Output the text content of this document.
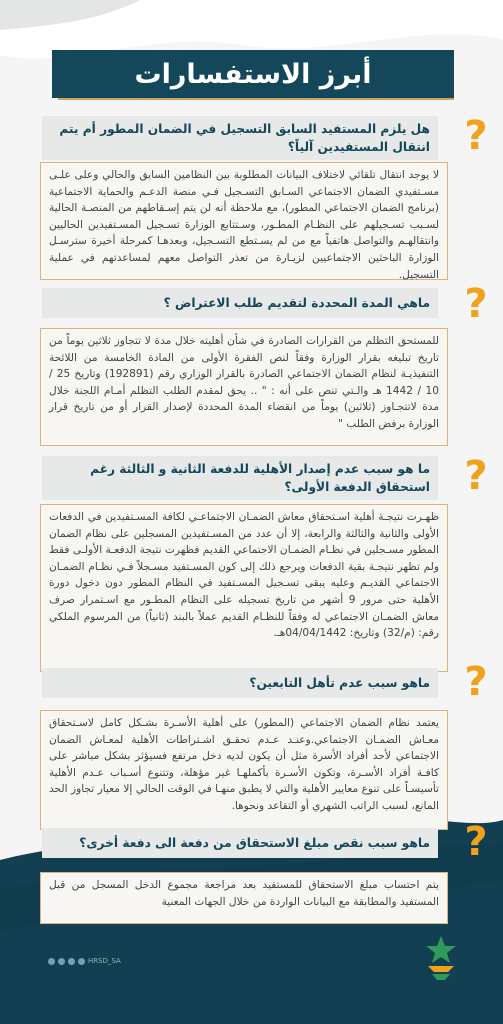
أبرز الاستفسارات
هل يلزم المستفيد السابق التسجيل في الضمان المطور أم يتم انتقال المستفيدين آلياً؟ ?
لا يوجد انتقال تلقائي لاختلاف البيانات المطلوبة بين النظامين السابق والحالي وعلى علـى مسـتفيدي الضمان الاجتماعي السـابق التسـجيل فـي منصة الدعـم والحماية الاجتماعية (برنامج الضمان الاجتماعي المطور)، مع ملاحظة أنه لن يتم إسـقاطهم من المنصـة الحالية لسـبب تسـجيلهم على النظـام المطـور، وسـتتابع الوزارة تسـجيل المسـتفيدين الحاليين وانتقالهـم والتواصل هاتفياً مع من لم يسـتطع التسـجيل، وبعدهـا كمرحلة أخيرة سترسـل الوزارة الباحثين الاجتماعيين لزيـارة من تعذر التواصل معهم لمساعدتهم في عملية التسجيل.
ماهي المدة المحددة لتقديم طلب الاعتراض ؟ ?
للمستحق التظلم من القرارات الصادرة في شأن أهليته خلال مدة لا تتجاوز ثلاثين يوماً من تاريخ تبليغه بقرار الوزارة وفقاً لنص الفقرة الأولى من المادة الخامسة من اللائحة التنفيذيـة لنظام الضمان الاجتماعي الصادرة بالقرار الوزاري رقم (192891) وتاريخ 25 / 10 / 1442 هـ والـتي تنص على أنه : " .. يحق لمقدم الطلب التظلم أمـام اللجنة خلال مدة لاتتجـاوز (ثلاثين) يوماً من انقضاء المدة المحددة لإصدار القرار أو من تاريخ قرار الوزارة برفض الطلب "
ما هو سبب عدم إصدار الأهلية للدفعة الثانية و الثالثة رغم استحقاق الدفعة الأولى؟ ?
ظهـرت نتيجـة أهلية اسـتحقاق معاش الضمـان الاجتماعـي لكافة المسـتفيدين في الدفعات الأولى والثانية والثالثة والرابعة، إلا أن عدد من المسـتفيدين المسجلين على نظام الضمان المطور مسـجلين في نظـام الضمـان الاجتماعي القديم فظهرت نتيجة الدفعـة الأولـى فقط ولم تظهر نتيجـة بقية الدفعات ويرجع ذلك إلى كون المسـتفيد مسـجلاً فـي نظـام الضمـان الاجتماعي القديـم وعليه يبقى تسـجيل المسـتفيد في النظام المطور دون دخول دورة الأهلية حتى مرور 9 أشهر من تاريخ تسجيله على النظام المطـور مع اسـتمرار صرف معاش الضمـان الاجتماعي له وفقاً للنظـام القديم عملاً بالبند (ثانياً) من المرسوم الملكي رقم: (م/32) وتاريخ: 04/04/1442هـ.
ماهو سبب عدم تأهل التابعين؟ ?
يعتمد نظام الضمان الاجتماعي (المطور) على أهلية الأسـرة بشـكل كامل لاسـتحقاق معـاش الضمـان الاجتماعي.وعنـد عـدم تحقـق اشـتراطات الأهلية لمعـاش الضمان الاجتماعي لأحد أفراد الأسرة مثل أن يكون لديه دخل مرتفع فسيؤثر بشكل مباشر على كافـة أفراد الأسـرة، وتكون الأسـرة بأكملهـا غير مؤهلة، وتتنوع أسـباب عـدم الأهلية تأسيسـاً على تنوع معايير الأهلية والتي لا يطبق منهـا في الوقت الحالي إلا معيار تجاوز الحد المانع، لسبب الراتب الشهري أو التقاعد ونحوها.
ماهو سبب نقص مبلغ الاستحقاق من دفعة الى دفعة أخرى؟ ?
يتم احتساب مبلغ الاستحقاق للمستفيد بعد مراجعة مجموع الدخل المسجل من قبل المستفيد والمطابقة مع البيانات الواردة من خلال الجهات المعنية
HRSD_SA
